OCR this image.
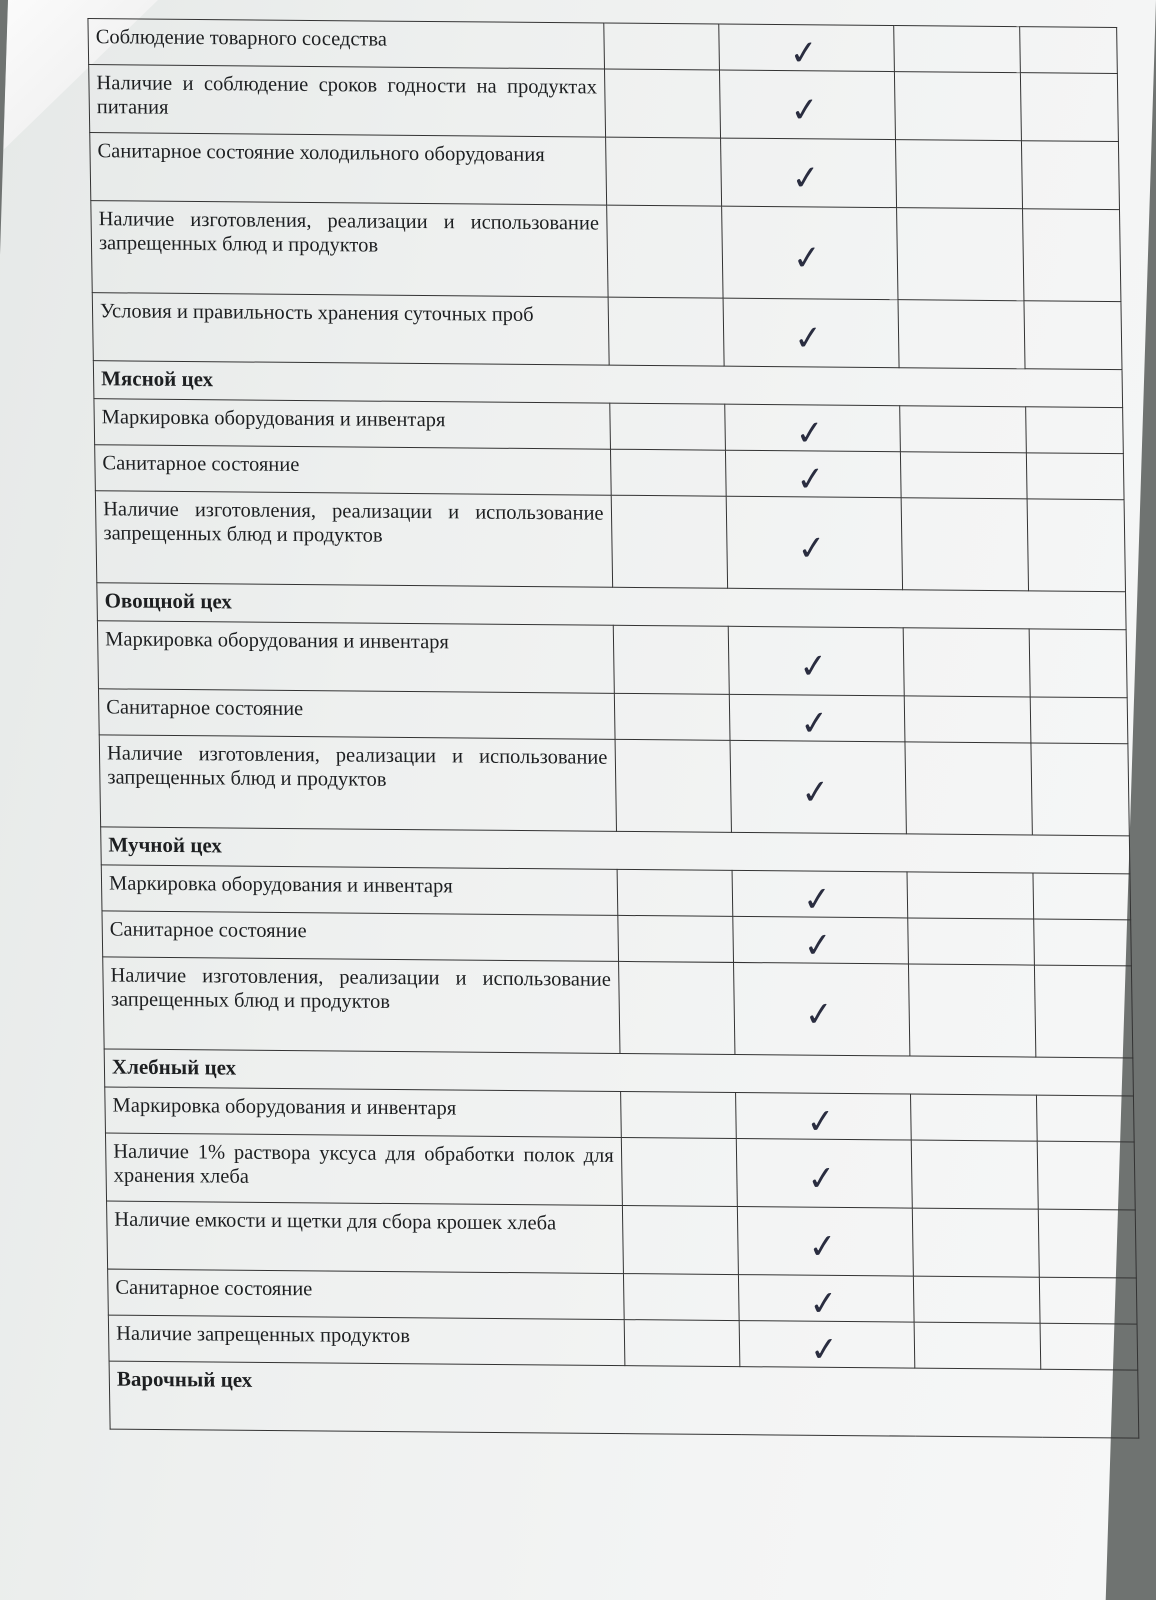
Соблюдение товарного соседства		✓		

Наличие и соблюдение сроков годности на продуктах питания		✓		

Санитарное состояние холодильного оборудования		✓		

Наличие изготовления, реализации и использование запрещенных блюд и продуктов		✓		

Условия и правильность хранения суточных проб		✓		

Мясной цех				
Маркировка оборудования и инвентаря		✓		

Санитарное состояние		✓		

Наличие изготовления, реализации и использование запрещенных блюд и продуктов		✓		

Овощной цех				
Маркировка оборудования и инвентаря		✓		

Санитарное состояние		✓		

Наличие изготовления, реализации и использование запрещенных блюд и продуктов		✓		

Мучной цех				
Маркировка оборудования и инвентаря		✓		

Санитарное состояние		✓		

Наличие изготовления, реализации и использование запрещенных блюд и продуктов		✓		

Хлебный цех				
Маркировка оборудования и инвентаря		✓		

Наличие 1% раствора уксуса для обработки полок для хранения хлеба		✓		

Наличие емкости и щетки для сбора крошек хлеба		✓		

Санитарное состояние		✓		

Наличие запрещенных продуктов		✓		

Варочный цех				
